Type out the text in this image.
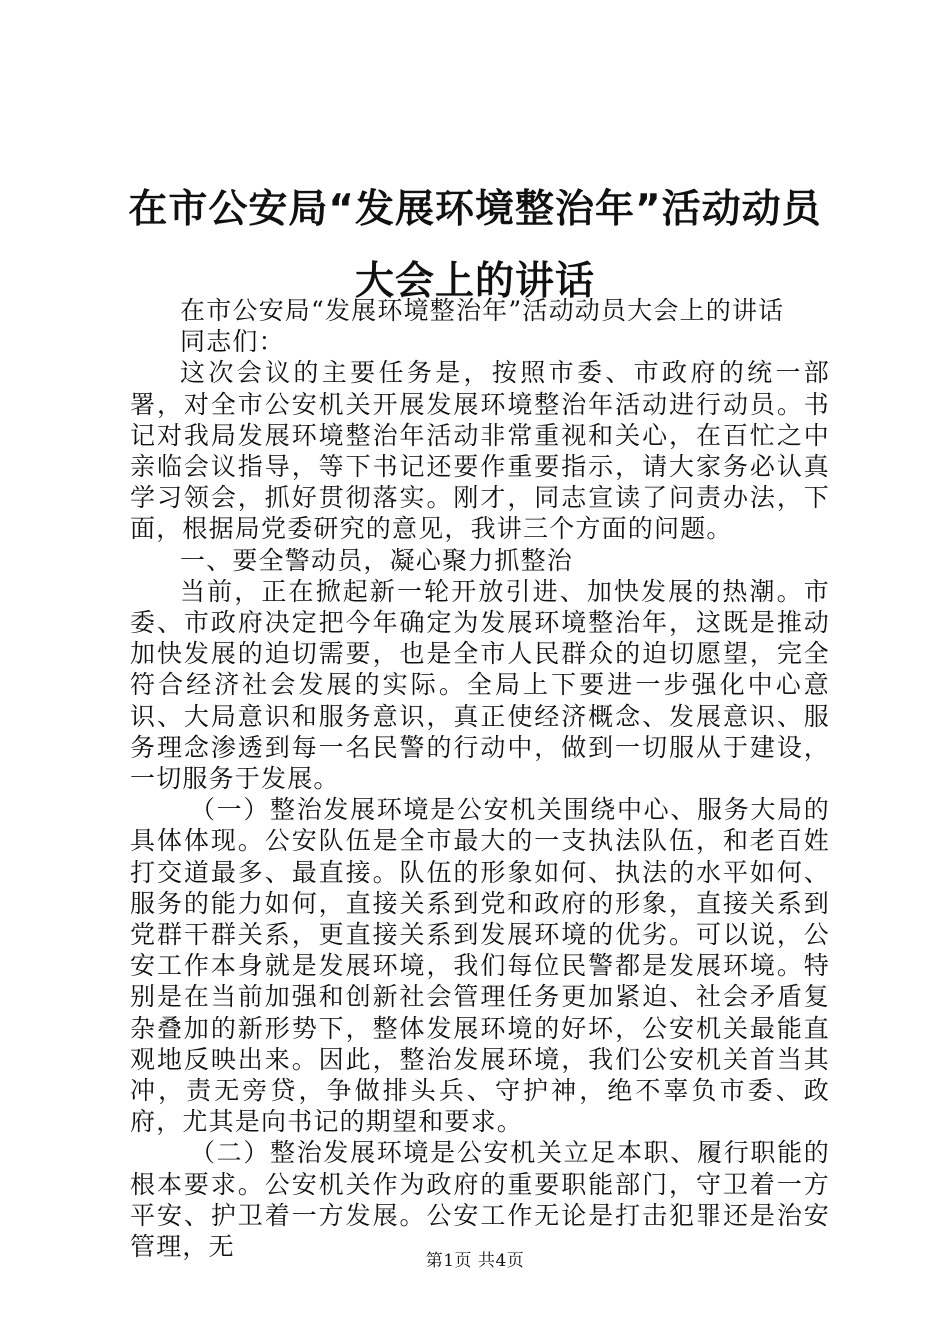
在市公安局“发展环境整治年”活动动员大会上的讲话

在市公安局“发展环境整治年”活动动员大会上的讲话

同志们：

这次会议的主要任务是，按照市委、市政府的统一部署，对全市公安机关开展发展环境整治年活动进行动员。书记对我局发展环境整治年活动非常重视和关心，在百忙之中亲临会议指导，等下书记还要作重要指示，请大家务必认真学习领会，抓好贯彻落实。刚才，同志宣读了问责办法，下面，根据局党委研究的意见，我讲三个方面的问题。

一、要全警动员，凝心聚力抓整治

当前，正在掀起新一轮开放引进、加快发展的热潮。市委、市政府决定把今年确定为发展环境整治年，这既是推动加快发展的迫切需要，也是全市人民群众的迫切愿望，完全符合经济社会发展的实际。全局上下要进一步强化中心意识、大局意识和服务意识，真正使经济概念、发展意识、服务理念渗透到每一名民警的行动中，做到一切服从于建设，一切服务于发展。

（一）整治发展环境是公安机关围绕中心、服务大局的具体体现。公安队伍是全市最大的一支执法队伍，和老百姓打交道最多、最直接。队伍的形象如何、执法的水平如何、服务的能力如何，直接关系到党和政府的形象，直接关系到党群干群关系，更直接关系到发展环境的优劣。可以说，公安工作本身就是发展环境，我们每位民警都是发展环境。特别是在当前加强和创新社会管理任务更加紧迫、社会矛盾复杂叠加的新形势下，整体发展环境的好坏，公安机关最能直观地反映出来。因此，整治发展环境，我们公安机关首当其冲，责无旁贷，争做排头兵、守护神，绝不辜负市委、政府，尤其是向书记的期望和要求。

（二）整治发展环境是公安机关立足本职、履行职能的根本要求。公安机关作为政府的重要职能部门，守卫着一方平安、护卫着一方发展。公安工作无论是打击犯罪还是治安管理，无	第1页 共4页
